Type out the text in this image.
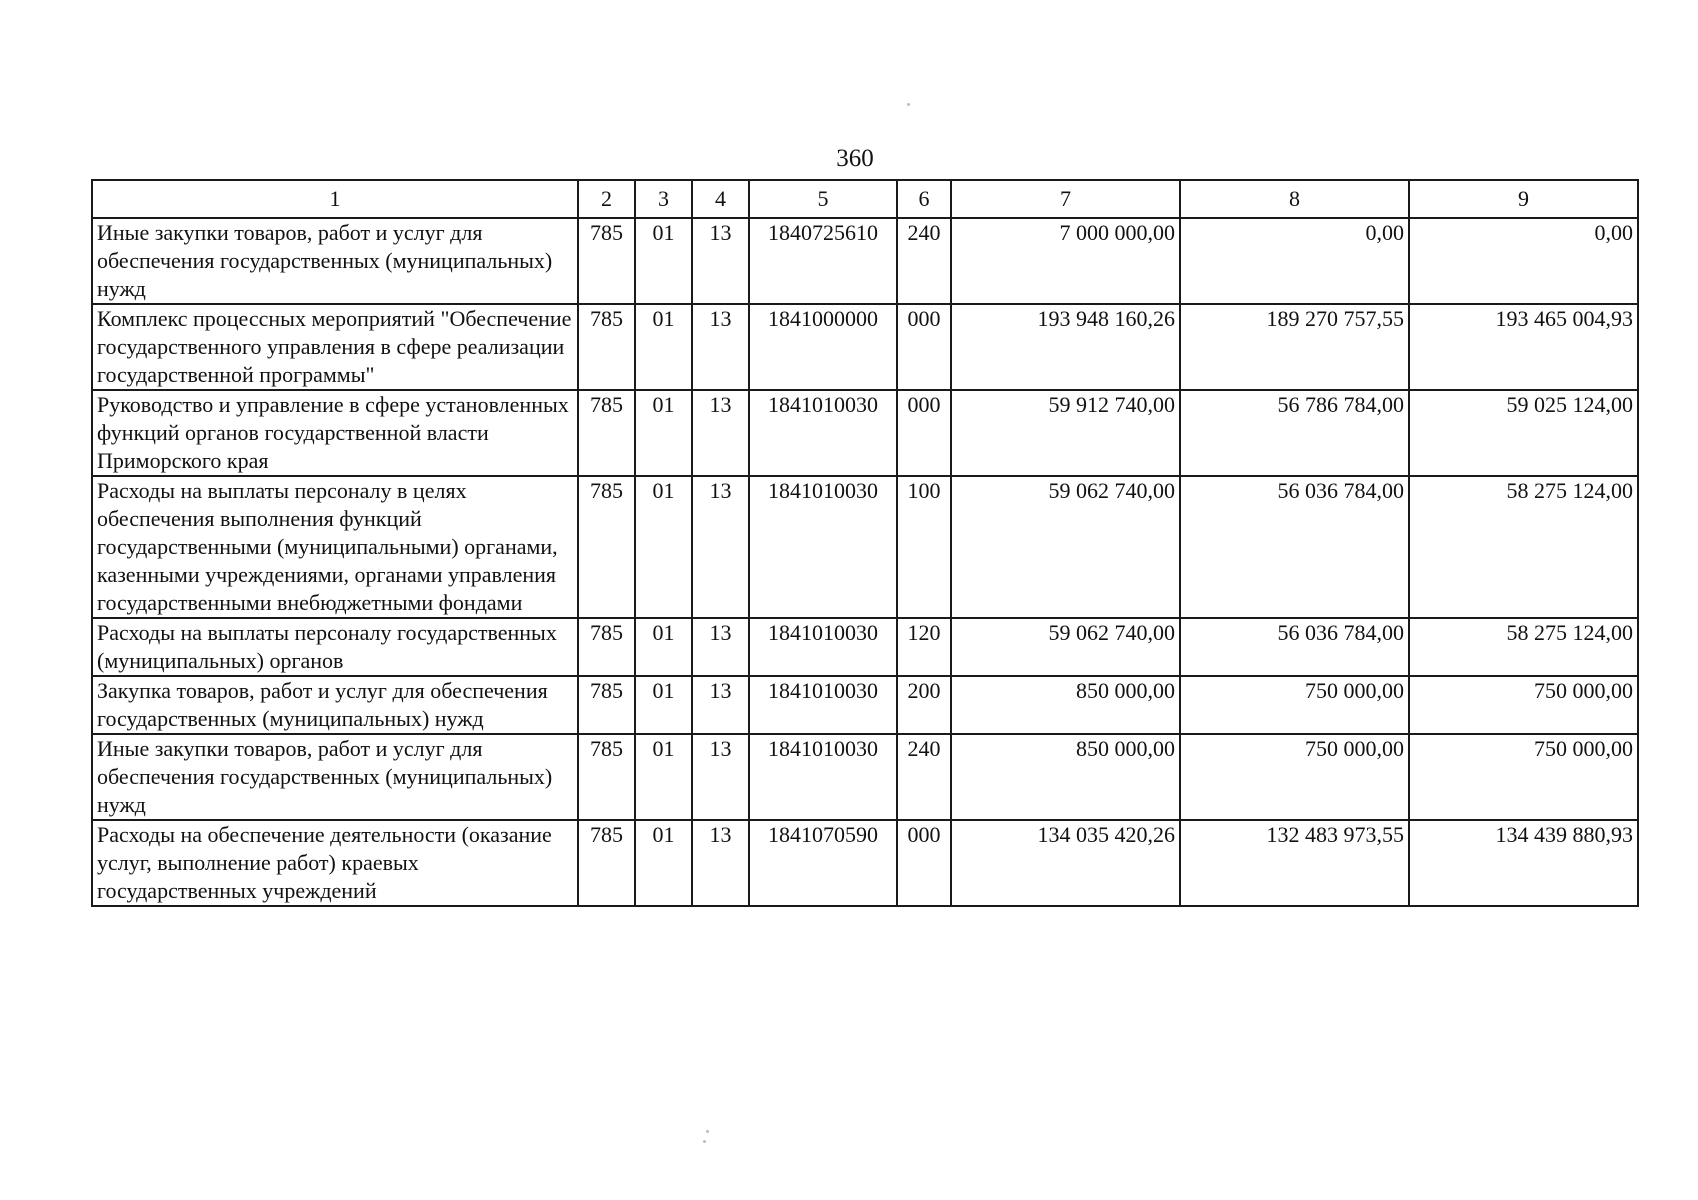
360
1	2	3	4	5	6	7	8	9
Иные закупки товаров, работ и услуг для обеспечения государственных (муниципальных) нужд	785	01	13	1840725610	240	7 000 000,00	0,00	0,00
Комплекс процессных мероприятий "Обеспечение государственного управления в сфере реализации государственной программы"	785	01	13	1841000000	000	193 948 160,26	189 270 757,55	193 465 004,93
Руководство и управление в сфере установленных функций органов государственной власти Приморского края	785	01	13	1841010030	000	59 912 740,00	56 786 784,00	59 025 124,00
Расходы на выплаты персоналу в целях обеспечения выполнения функций государственными (муниципальными) органами, казенными учреждениями, органами управления государственными внебюджетными фондами	785	01	13	1841010030	100	59 062 740,00	56 036 784,00	58 275 124,00
Расходы на выплаты персоналу государственных (муниципальных) органов	785	01	13	1841010030	120	59 062 740,00	56 036 784,00	58 275 124,00
Закупка товаров, работ и услуг для обеспечения государственных (муниципальных) нужд	785	01	13	1841010030	200	850 000,00	750 000,00	750 000,00
Иные закупки товаров, работ и услуг для обеспечения государственных (муниципальных) нужд	785	01	13	1841010030	240	850 000,00	750 000,00	750 000,00
Расходы на обеспечение деятельности (оказание услуг, выполнение работ) краевых государственных учреждений	785	01	13	1841070590	000	134 035 420,26	132 483 973,55	134 439 880,93
